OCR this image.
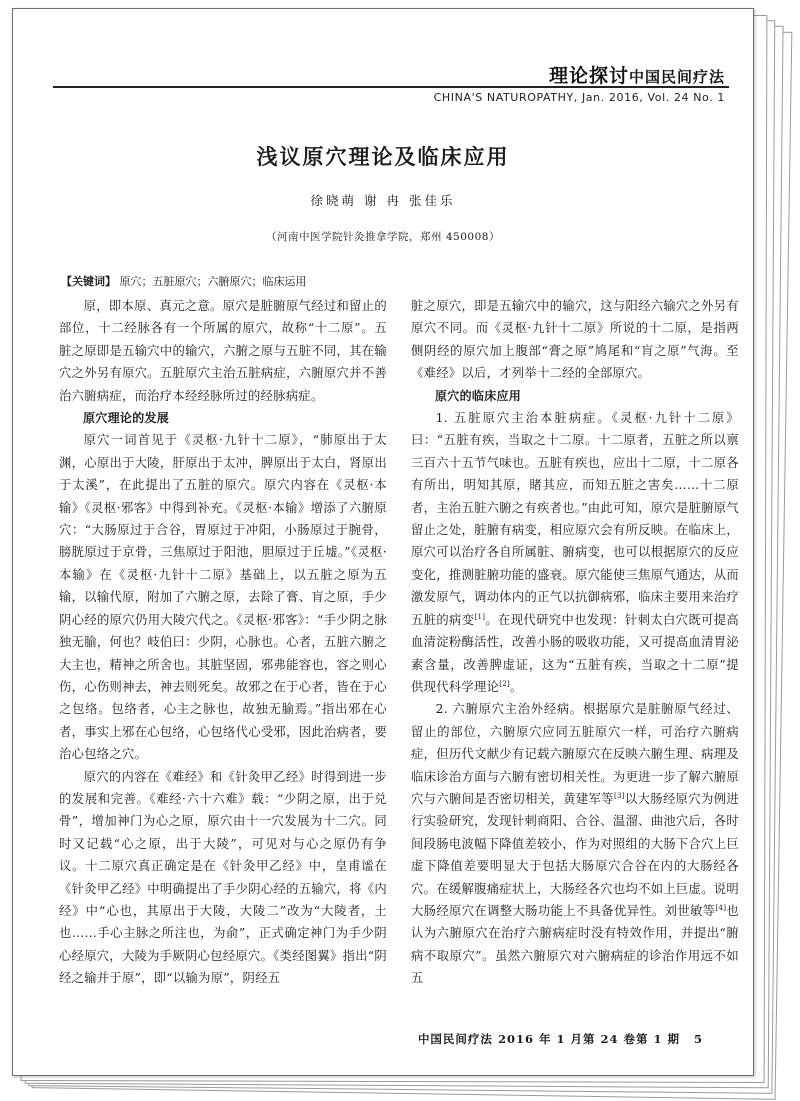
理论探讨中国民间疗法
CHINA'S NATUROPATHY, Jan. 2016, Vol. 24 No. 1
浅议原穴理论及临床应用
徐晓萌 谢 冉 张佳乐
（河南中医学院针灸推拿学院，郑州 450008）
【关键词】 原穴；五脏原穴；六腑原穴；临床运用

原，即本原、真元之意。原穴是脏腑原气经过和留止的部位，十二经脉各有一个所属的原穴，故称“十二原”。五脏之原即是五输穴中的输穴，六腑之原与五脏不同，其在输穴之外另有原穴。五脏原穴主治五脏病症，六腑原穴并不善治六腑病症，而治疗本经经脉所过的经脉病症。

原穴理论的发展

原穴一词首见于《灵枢·九针十二原》，“肺原出于太渊，心原出于大陵，肝原出于太冲，脾原出于太白，肾原出于太溪”，在此提出了五脏的原穴。原穴内容在《灵枢·本输》《灵枢·邪客》中得到补充。《灵枢·本输》增添了六腑原穴：“大肠原过于合谷，胃原过于冲阳，小肠原过于腕骨，膀胱原过于京骨，三焦原过于阳池，胆原过于丘墟。”《灵枢·本输》在《灵枢·九针十二原》基础上，以五脏之原为五输，以输代原，附加了六腑之原，去除了膏、肓之原，手少阴心经的原穴仍用大陵穴代之。《灵枢·邪客》：“手少阴之脉独无腧，何也？岐伯曰：少阴，心脉也。心者，五脏六腑之大主也，精神之所舍也。其脏坚固，邪弗能容也，容之则心伤，心伤则神去，神去则死矣。故邪之在于心者，皆在于心之包络。包络者，心主之脉也，故独无腧焉。”指出邪在心者，事实上邪在心包络，心包络代心受邪，因此治病者，要治心包络之穴。

原穴的内容在《难经》和《针灸甲乙经》时得到进一步的发展和完善。《难经·六十六难》载：“少阴之原，出于兑骨”，增加神门为心之原，原穴由十一穴发展为十二穴。同时又记载“心之原，出于大陵”，可见对与心之原仍有争议。十二原穴真正确定是在《针灸甲乙经》中，皇甫谧在《针灸甲乙经》中明确提出了手少阴心经的五输穴，将《内经》中“心也，其原出于大陵，大陵二”改为“大陵者，土也……手心主脉之所注也，为俞”，正式确定神门为手少阴心经原穴，大陵为手厥阴心包经原穴。《类经图翼》指出“阴经之输并于原”，即“以输为原”，阴经五

脏之原穴，即是五输穴中的输穴，这与阳经六输穴之外另有原穴不同。而《灵枢·九针十二原》所说的十二原，是指两侧阴经的原穴加上腹部“膏之原”鸠尾和“肓之原”气海。至《难经》以后，才列举十二经的全部原穴。

原穴的临床应用

1. 五脏原穴主治本脏病症。《灵枢·九针十二原》曰：“五脏有疾，当取之十二原。十二原者，五脏之所以禀三百六十五节气味也。五脏有疾也，应出十二原，十二原各有所出，明知其原，睹其应，而知五脏之害矣……十二原者，主治五脏六腑之有疾者也。”由此可知，原穴是脏腑原气留止之处，脏腑有病变，相应原穴会有所反映。在临床上，原穴可以治疗各自所属脏、腑病变，也可以根据原穴的反应变化，推测脏腑功能的盛衰。原穴能使三焦原气通达，从而激发原气，调动体内的正气以抗御病邪，临床主要用来治疗五脏的病变[1]。在现代研究中也发现：针刺太白穴既可提高血清淀粉酶活性，改善小肠的吸收功能，又可提高血清胃泌素含量，改善脾虚证，这为“五脏有疾，当取之十二原”提供现代科学理论[2]。

2. 六腑原穴主治外经病。根据原穴是脏腑原气经过、留止的部位，六腑原穴应同五脏原穴一样，可治疗六腑病症，但历代文献少有记载六腑原穴在反映六腑生理、病理及临床诊治方面与六腑有密切相关性。为更进一步了解六腑原穴与六腑间是否密切相关，黄建军等[3]以大肠经原穴为例进行实验研究，发现针刺商阳、合谷、温溜、曲池穴后，各时间段肠电波幅下降值差较小，作为对照组的大肠下合穴上巨虚下降值差要明显大于包括大肠原穴合谷在内的大肠经各穴。在缓解腹痛症状上，大肠经各穴也均不如上巨虚。说明大肠经原穴在调整大肠功能上不具备优异性。刘世敏等[4]也认为六腑原穴在治疗六腑病症时没有特效作用，并提出“腑病不取原穴”。虽然六腑原穴对六腑病症的诊治作用远不如五

中国民间疗法 2016 年 1 月第 24 卷第 1 期 5
